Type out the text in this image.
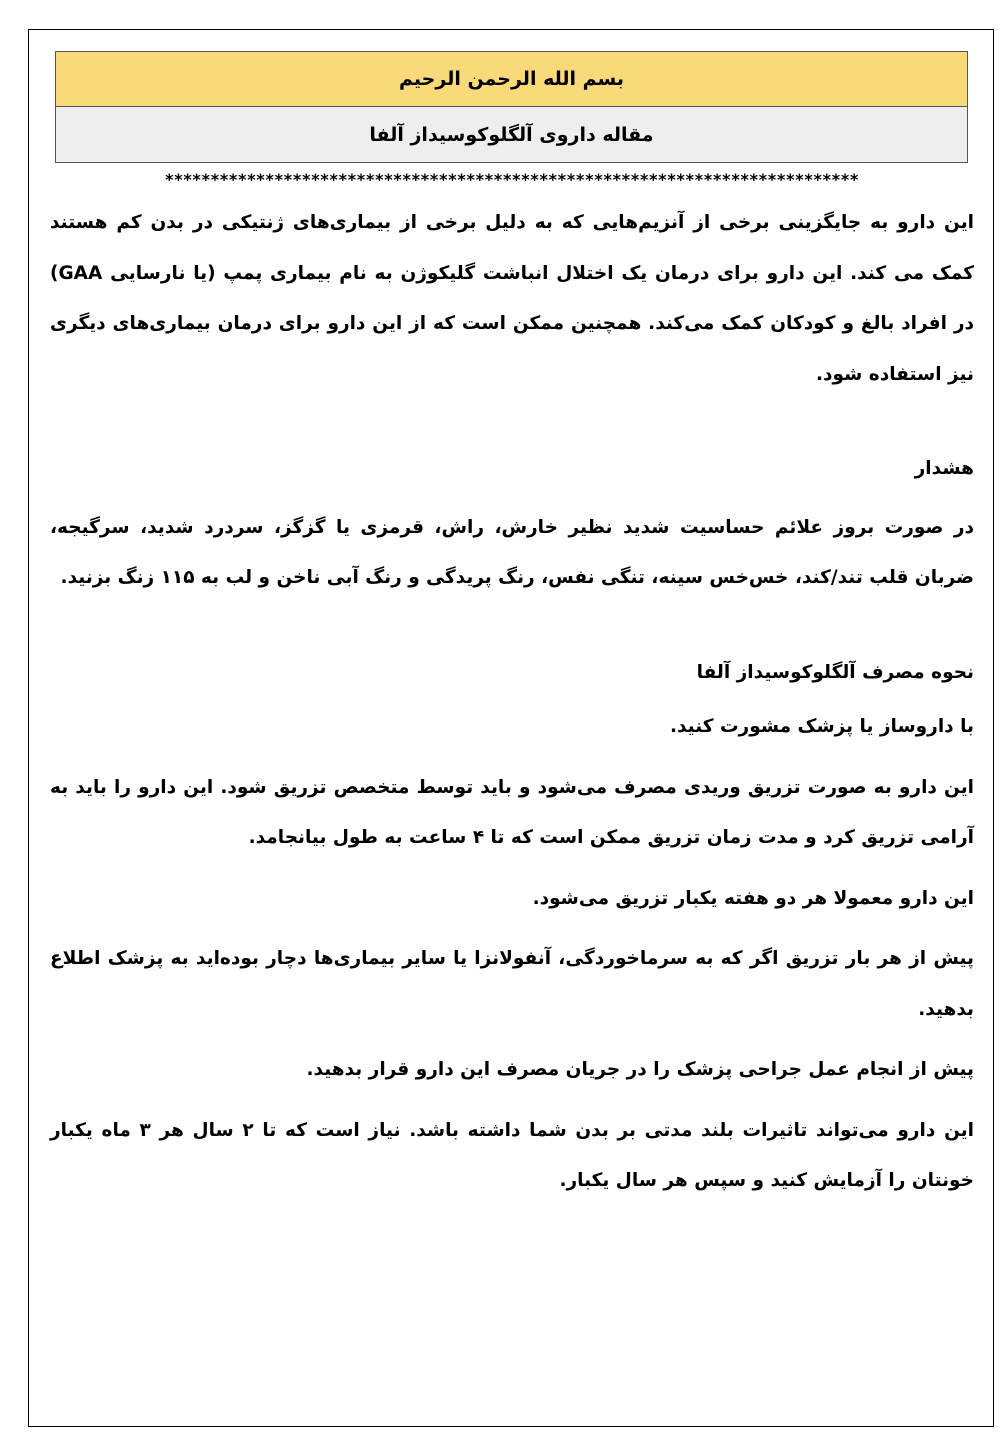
بسم الله الرحمن الرحیم
مقاله داروی آلگلوکوسیداز آلفا
****************************************************************************

این دارو به جایگزینی برخی از آنزیم‌هایی که به دلیل برخی از بیماری‌های ژنتیکی در بدن کم هستند کمک می کند. این دارو برای درمان یک اختلال انباشت گلیکوژن به نام بیماری پمپ (یا نارسایی GAA) در افراد بالغ و کودکان کمک می‌کند. همچنین ممکن است که از این دارو برای درمان بیماری‌های دیگری نیز استفاده شود.

هشدار

در صورت بروز علائم حساسیت شدید نظیر خارش، راش، قرمزی یا گزگز، سردرد شدید، سرگیجه، ضربان قلب تند/کند، خس‌خس سینه، تنگی نفس، رنگ پریدگی و رنگ آبی ناخن و لب به ۱۱۵ زنگ بزنید.

نحوه مصرف آلگلوکوسیداز آلفا

با داروساز یا پزشک مشورت کنید.

این دارو به صورت تزریق وریدی مصرف می‌شود و باید توسط متخصص تزریق شود. این دارو را باید به آرامی تزریق کرد و مدت زمان تزریق ممکن است که تا ۴ ساعت به طول بیانجامد.

این دارو معمولا هر دو هفته یکبار تزریق می‌شود.

پیش از هر بار تزریق اگر که به سرماخوردگی، آنفولانزا یا سایر بیماری‌ها دچار بوده‌اید به پزشک اطلاع بدهید.

پیش از انجام عمل جراحی پزشک را در جریان مصرف این دارو قرار بدهید.

این دارو می‌تواند تاثیرات بلند مدتی بر بدن شما داشته باشد. نیاز است که تا ۲ سال هر ۳ ماه یکبار خونتان را آزمایش کنید و سپس هر سال یکبار.
